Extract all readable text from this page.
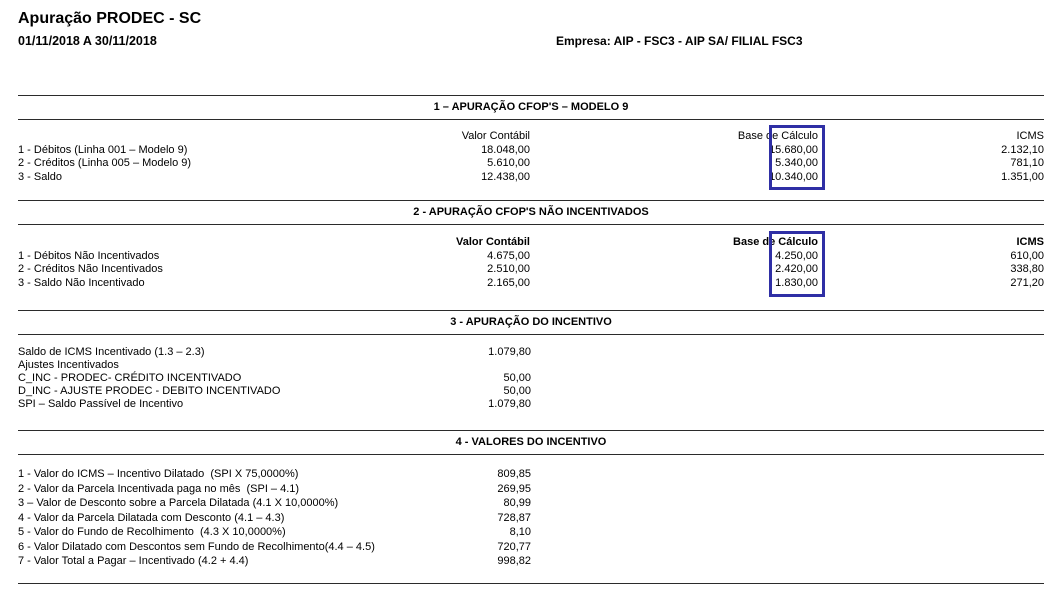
Apuração PRODEC - SC
01/11/2018 A 30/11/2018	Empresa: AIP - FSC3 - AIP SA/ FILIAL FSC3
1 – APURAÇÃO CFOP'S – MODELO 9
Valor Contábil	Base de Cálculo	ICMS
1 - Débitos (Linha 001 – Modelo 9)	18.048,00	15.680,00	2.132,10
2 - Créditos (Linha 005 – Modelo 9)	5.610,00	5.340,00	781,10
3 - Saldo	12.438,00	10.340,00	1.351,00
2 - APURAÇÃO CFOP'S NÃO INCENTIVADOS
Valor Contábil	Base de Cálculo	ICMS
1 - Débitos Não Incentivados	4.675,00	4.250,00	610,00
2 - Créditos Não Incentivados	2.510,00	2.420,00	338,80
3 - Saldo Não Incentivado	2.165,00	1.830,00	271,20
3 - APURAÇÃO DO INCENTIVO
Saldo de ICMS Incentivado (1.3 – 2.3)	1.079,80
Ajustes Incentivados
C_INC - PRODEC- CRÉDITO INCENTIVADO	50,00
D_INC - AJUSTE PRODEC - DEBITO INCENTIVADO	50,00
SPI – Saldo Passível de Incentivo	1.079,80
4 - VALORES DO INCENTIVO
1 - Valor do ICMS – Incentivo Dilatado  (SPI X 75,0000%)	809,85
2 - Valor da Parcela Incentivada paga no mês  (SPI – 4.1)	269,95
3 – Valor de Desconto sobre a Parcela Dilatada (4.1 X 10,0000%)	80,99
4 - Valor da Parcela Dilatada com Desconto (4.1 – 4.3)	728,87
5 - Valor do Fundo de Recolhimento  (4.3 X 10,0000%)	8,10
6 - Valor Dilatado com Descontos sem Fundo de Recolhimento(4.4 – 4.5)	720,77
7 - Valor Total a Pagar – Incentivado (4.2 + 4.4)	998,82
